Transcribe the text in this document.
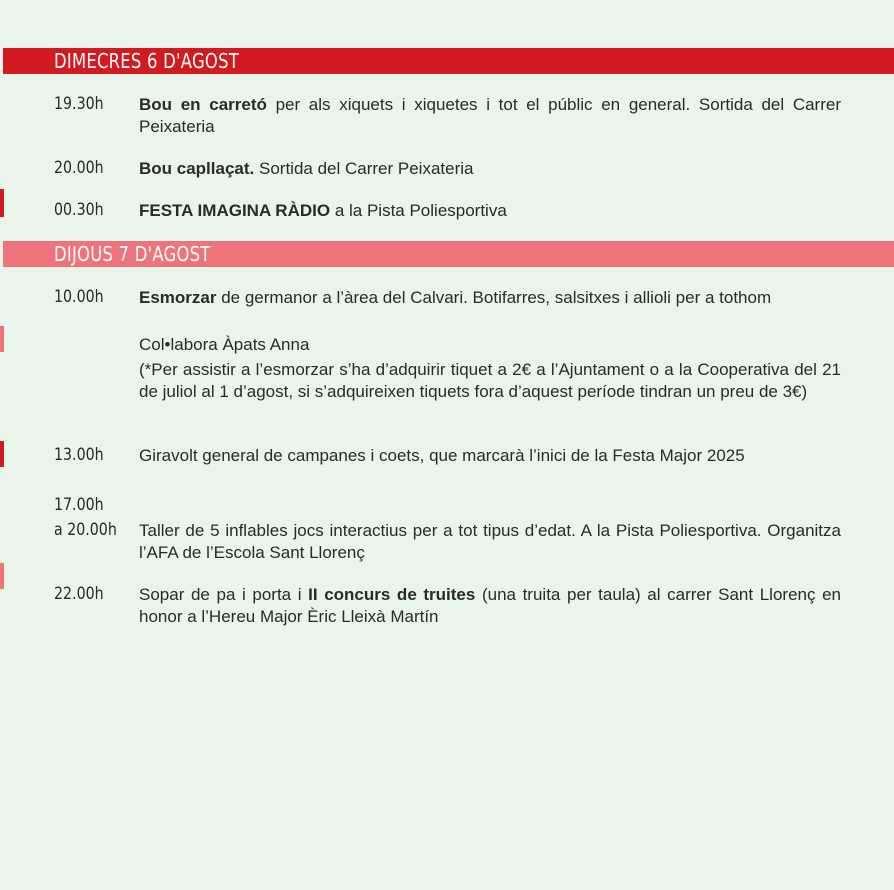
DIMECRES 6 D'AGOST
19.30h Bou en carretó per als xiquets i xiquetes i tot el públic en general. Sortida del Carrer Peixateria
20.00h Bou capllaçat. Sortida del Carrer Peixateria
00.30h FESTA IMAGINA RÀDIO a la Pista Poliesportiva
DIJOUS 7 D'AGOST
10.00h Esmorzar de germanor a l’àrea del Calvari. Botifarres, salsitxes i allioli per a tothom
Col•labora Àpats Anna
(*Per assistir a l’esmorzar s’ha d’adquirir tiquet a 2€ a l’Ajuntament o a la Cooperativa del 21 de juliol al 1 d’agost, si s’adquireixen tiquets fora d’aquest període tindran un preu de 3€)
13.00h Giravolt general de campanes i coets, que marcarà l’inici de la Festa Major 2025
17.00h
a 20.00h Taller de 5 inflables jocs interactius per a tot tipus d’edat. A la Pista Poliesportiva. Organitza l’AFA de l’Escola Sant Llorenç
22.00h Sopar de pa i porta i II concurs de truites (una truita per taula) al carrer Sant Llorenç en honor a l’Hereu Major Èric Lleixà Martín
